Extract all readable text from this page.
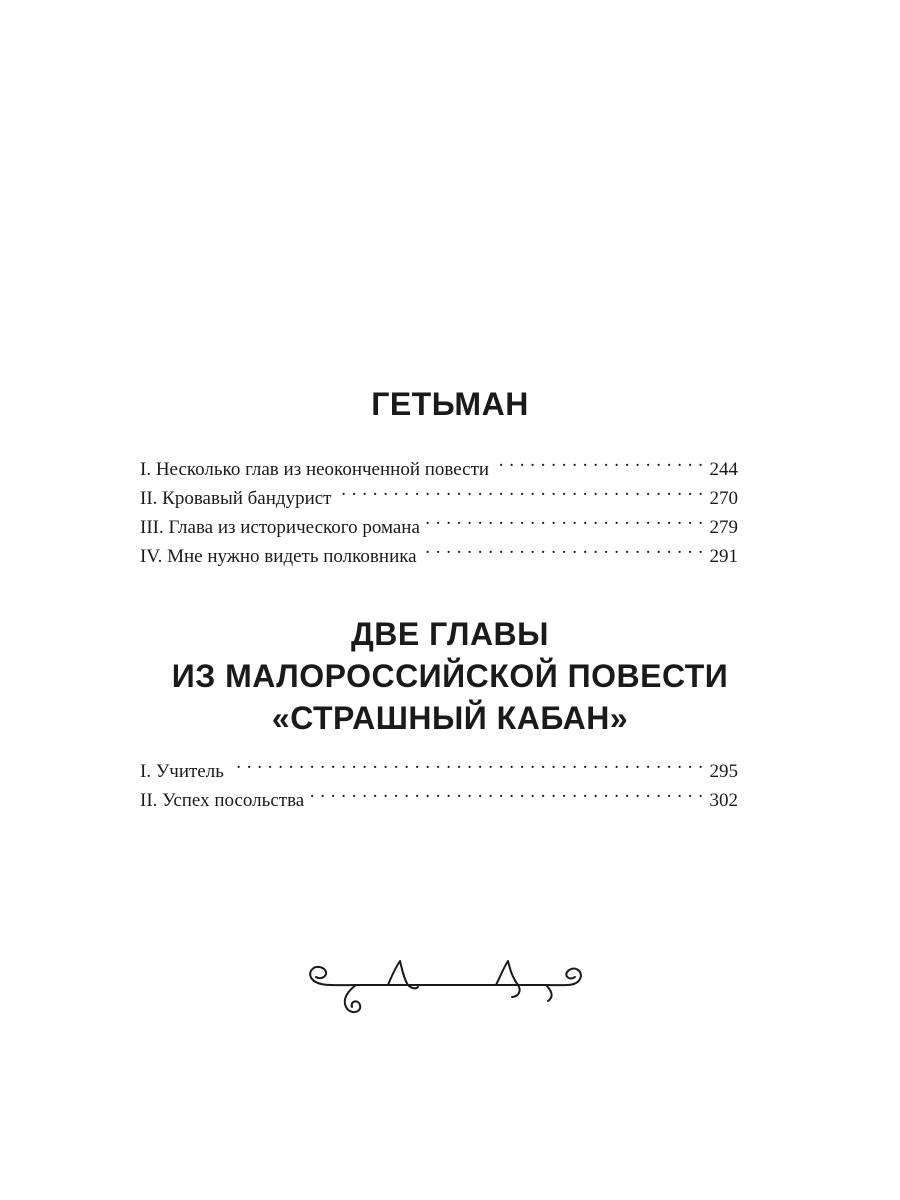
ГЕТЬМАН
I. Несколько глав из неоконченной повести . . .	244
II. Кровавый бандурист . . .	270
III. Глава из исторического романа . . .	279
IV. Мне нужно видеть полковника . . .	291
ДВЕ ГЛАВЫ
ИЗ МАЛОРОССИЙСКОЙ ПОВЕСТИ
«СТРАШНЫЙ КАБАН»
I. Учитель . . .	295
II. Успех посольства . . .	302
